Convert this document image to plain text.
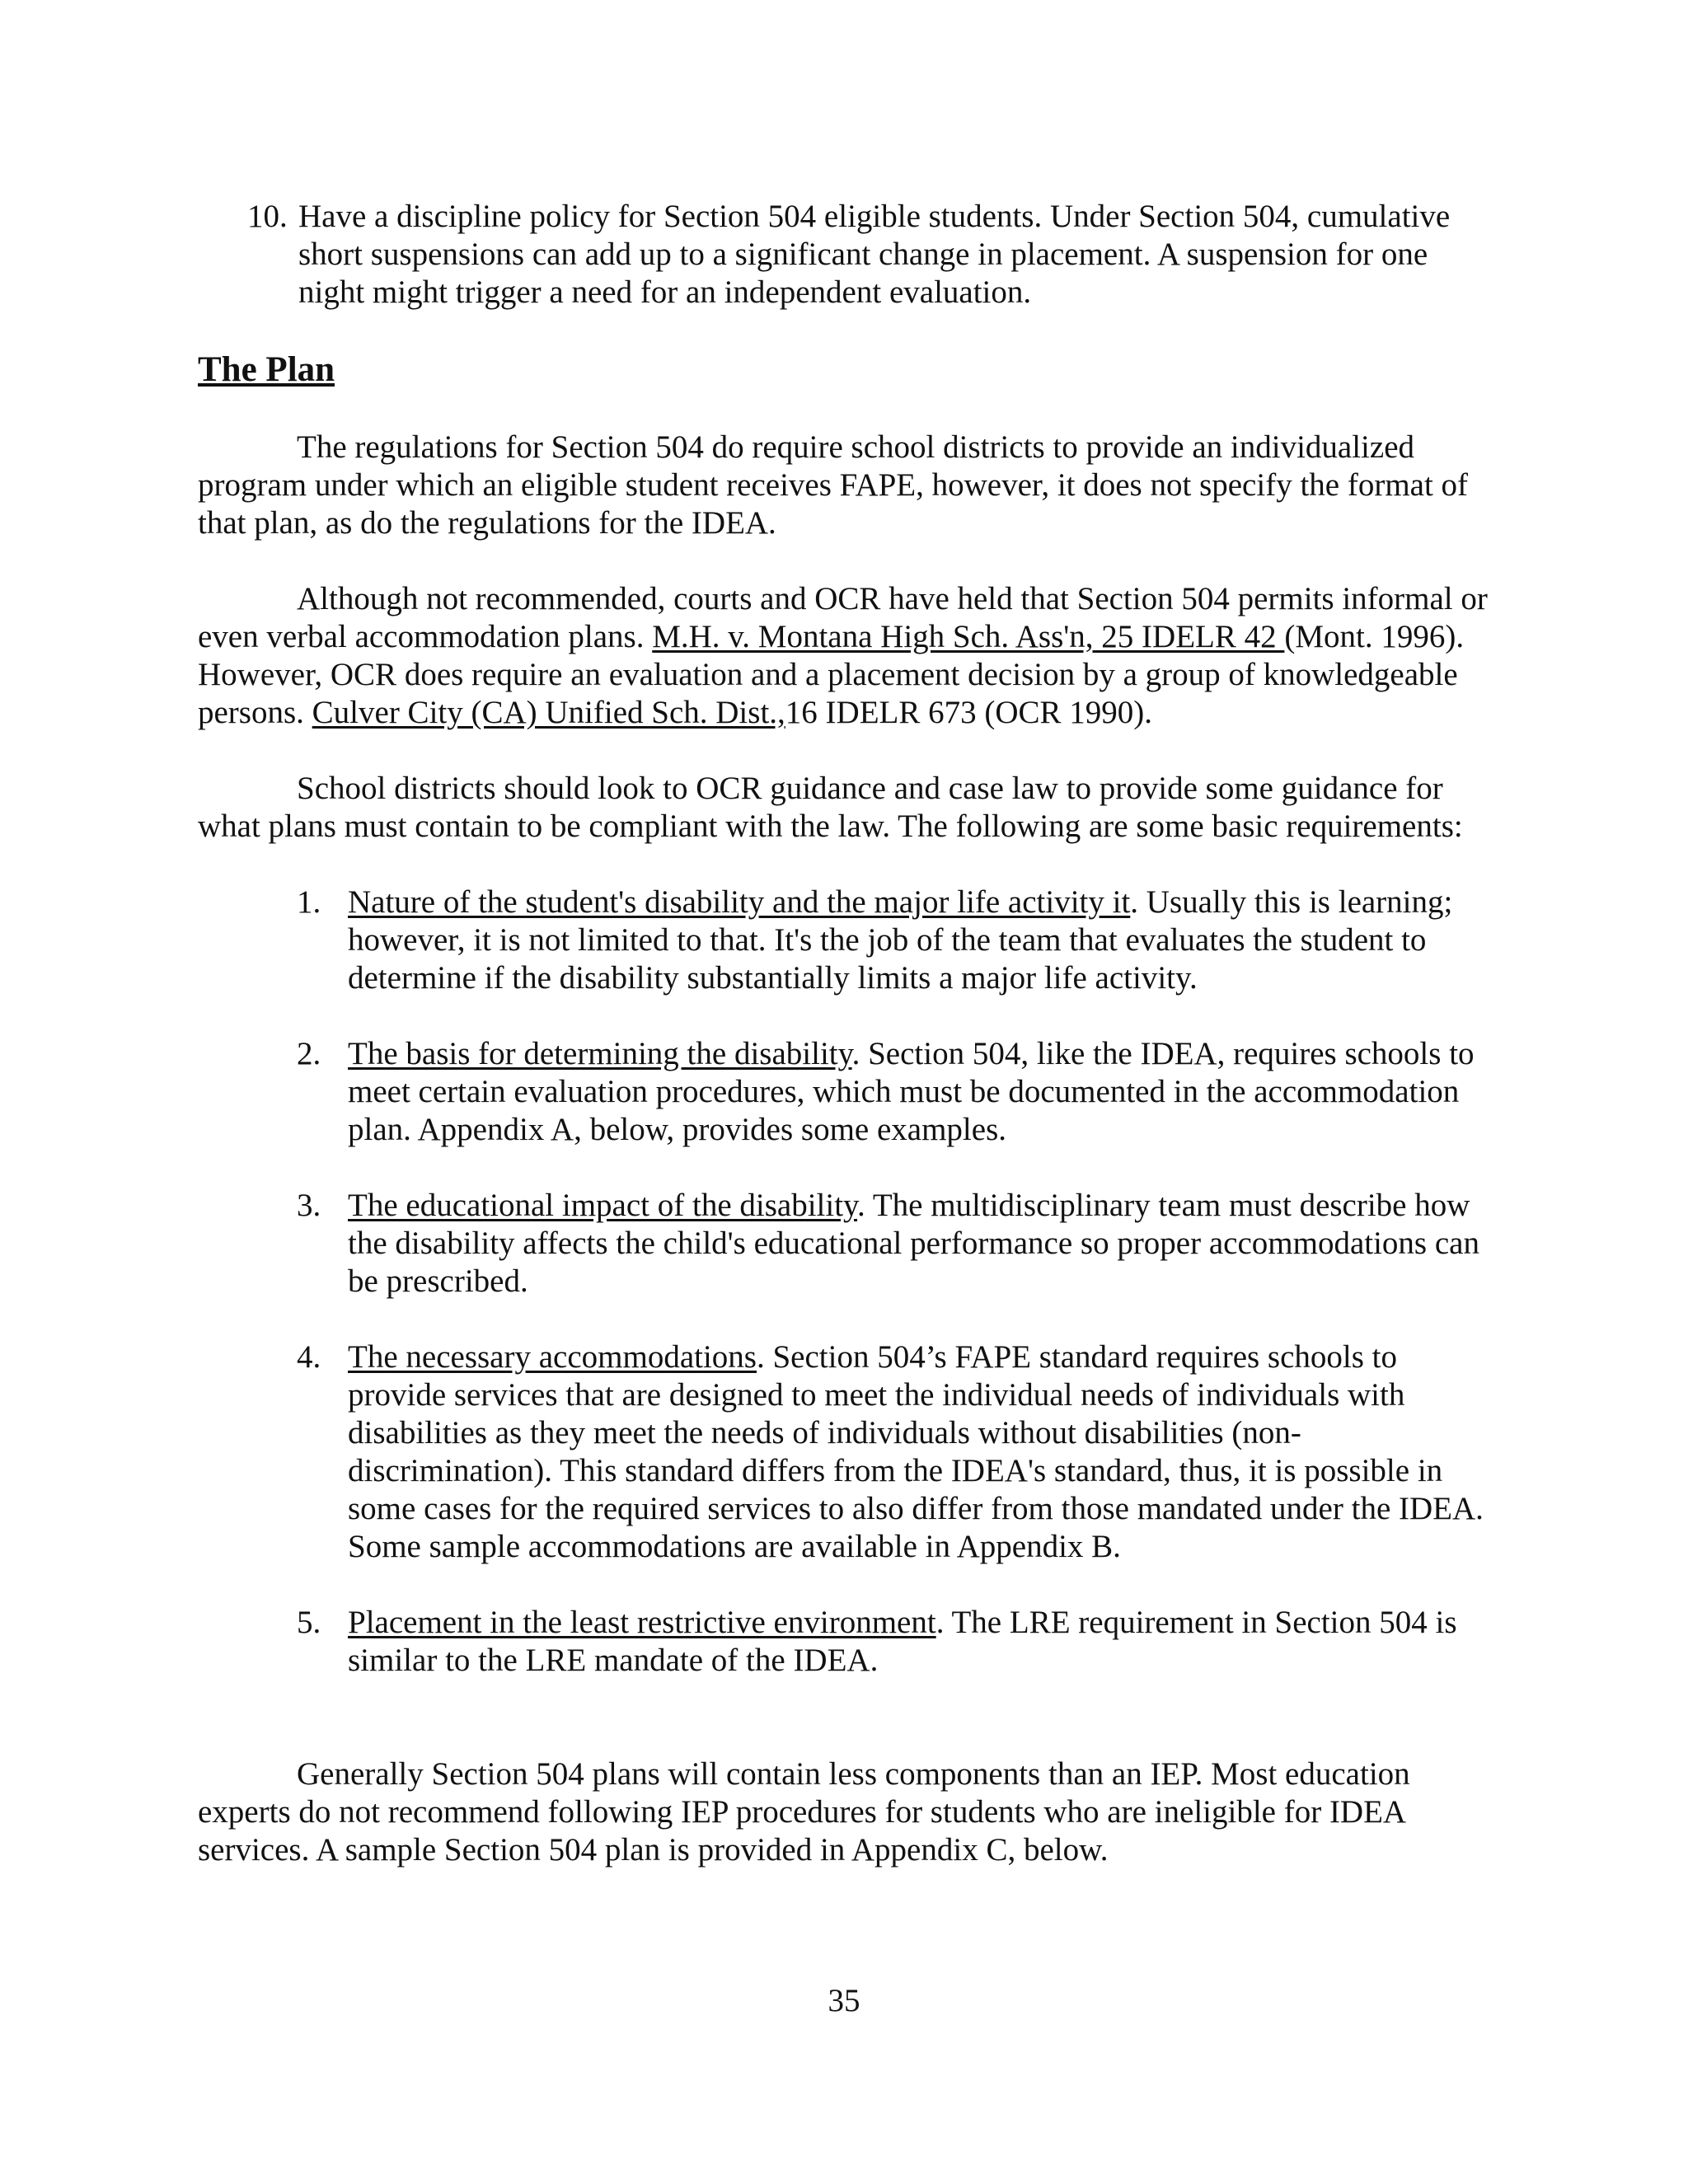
10. Have a discipline policy for Section 504 eligible students. Under Section 504, cumulative short suspensions can add up to a significant change in placement. A suspension for one night might trigger a need for an independent evaluation.
The Plan

The regulations for Section 504 do require school districts to provide an individualized program under which an eligible student receives FAPE, however, it does not specify the format of that plan, as do the regulations for the IDEA.

Although not recommended, courts and OCR have held that Section 504 permits informal or even verbal accommodation plans. M.H. v. Montana High Sch. Ass'n, 25 IDELR 42 (Mont. 1996). However, OCR does require an evaluation and a placement decision by a group of knowledgeable persons. Culver City (CA) Unified Sch. Dist.,16 IDELR 673 (OCR 1990).

School districts should look to OCR guidance and case law to provide some guidance for what plans must contain to be compliant with the law. The following are some basic requirements:

1. Nature of the student's disability and the major life activity it. Usually this is learning; however, it is not limited to that. It's the job of the team that evaluates the student to determine if the disability substantially limits a major life activity.
2. The basis for determining the disability. Section 504, like the IDEA, requires schools to meet certain evaluation procedures, which must be documented in the accommodation plan. Appendix A, below, provides some examples.
3. The educational impact of the disability. The multidisciplinary team must describe how the disability affects the child's educational performance so proper accommodations can be prescribed.
4. The necessary accommodations. Section 504’s FAPE standard requires schools to provide services that are designed to meet the individual needs of individuals with disabilities as they meet the needs of individuals without disabilities (non-discrimination). This standard differs from the IDEA's standard, thus, it is possible in some cases for the required services to also differ from those mandated under the IDEA. Some sample accommodations are available in Appendix B.
5. Placement in the least restrictive environment. The LRE requirement in Section 504 is similar to the LRE mandate of the IDEA.

Generally Section 504 plans will contain less components than an IEP. Most education experts do not recommend following IEP procedures for students who are ineligible for IDEA services. A sample Section 504 plan is provided in Appendix C, below.

35
